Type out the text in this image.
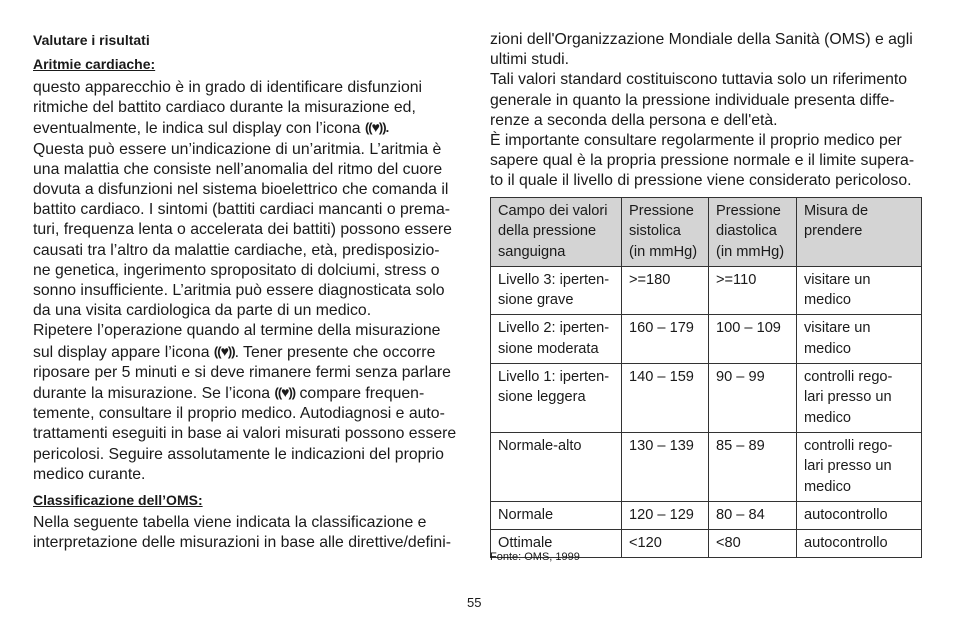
Valutare i risultati
Aritmie cardiache:
questo apparecchio è in grado di identificare disfunzioni
ritmiche del battito cardiaco durante la misurazione ed,
eventualmente, le indica sul display con l’icona ((♥)).
Questa può essere un’indicazione di un’aritmia. L’aritmia è
una malattia che consiste nell’anomalia del ritmo del cuore
dovuta a disfunzioni nel sistema bioelettrico che comanda il
battito cardiaco. I sintomi (battiti cardiaci mancanti o prema-
turi, frequenza lenta o accelerata dei battiti) possono essere
causati tra l’altro da malattie cardiache, età, predisposizio-
ne genetica, ingerimento spropositato di dolciumi, stress o
sonno insufficiente. L’aritmia può essere diagnosticata solo
da una visita cardiologica da parte di un medico.
Ripetere l’operazione quando al termine della misurazione
sul display appare l’icona ((♥)). Tener presente che occorre
riposare per 5 minuti e si deve rimanere fermi senza parlare
durante la misurazione. Se l’icona ((♥)) compare frequen-
temente, consultare il proprio medico. Autodiagnosi e auto-
trattamenti eseguiti in base ai valori misurati possono essere
pericolosi. Seguire assolutamente le indicazioni del proprio
medico curante.
Classificazione dell’OMS:
Nella seguente tabella viene indicata la classificazione e
interpretazione delle misurazioni in base alle direttive/defini-
zioni dell'Organizzazione Mondiale della Sanità (OMS) e agli
ultimi studi.
Tali valori standard costituiscono tuttavia solo un riferimento
generale in quanto la pressione individuale presenta diffe-
renze a seconda della persona e dell'età.
È importante consultare regolarmente il proprio medico per
sapere qual è la propria pressione normale e il limite supera-
to il quale il livello di pressione viene considerato pericoloso.
Campo dei valori
della pressione
sanguigna	Pressione
sistolica
(in mmHg)	Pressione
diastolica
(in mmHg)	Misura de
prendere

Livello 3: iperten-
sione grave	>=180	>=110	visitare un
medico

Livello 2: iperten-
sione moderata	160 – 179	100 – 109	visitare un
medico

Livello 1: iperten-
sione leggera	140 – 159	90 – 99	controlli rego-
lari presso un
medico

Normale-alto	130 – 139	85 – 89	controlli rego-
lari presso un
medico

Normale	120 – 129	80 – 84	autocontrollo

Ottimale	<120	<80	autocontrollo
Fonte: OMS, 1999
55
